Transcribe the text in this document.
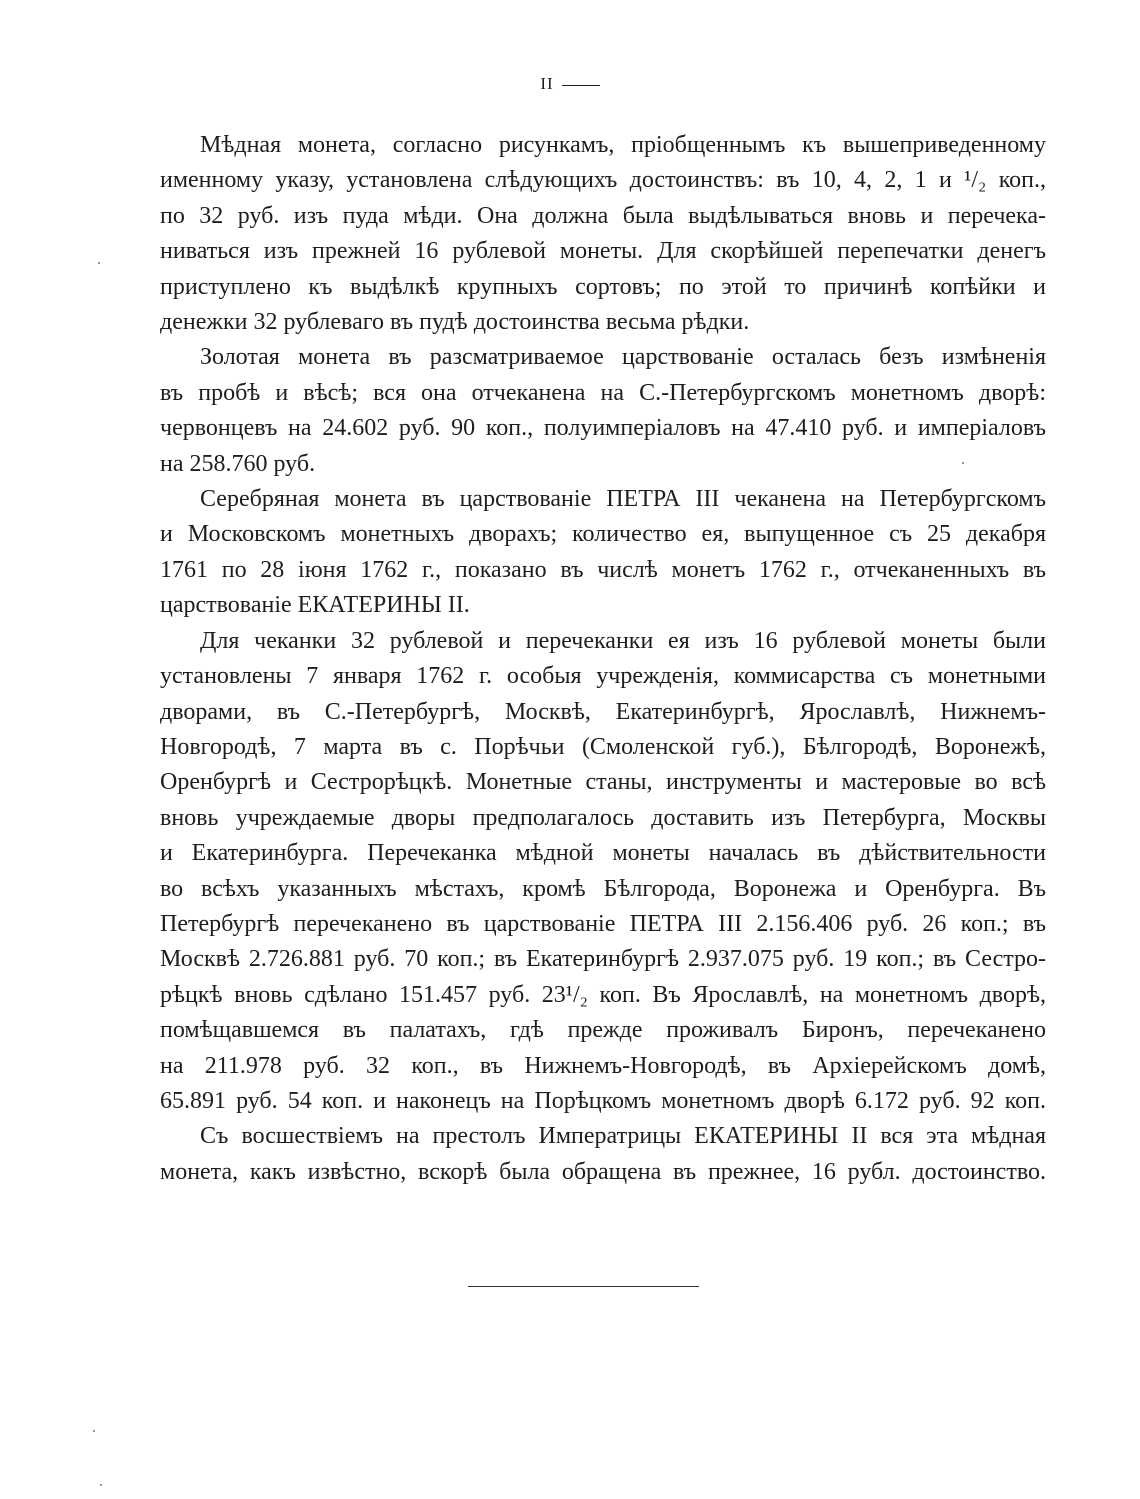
II

Мѣдная монета, согласно рисункамъ, пріобщеннымъ къ вышеприведенному
именному указу, установлена слѣдующихъ достоинствъ: въ 10, 4, 2, 1 и ¹/₂ коп.,
по 32 руб. изъ пуда мѣди. Она должна была выдѣлываться вновь и перечека-
ниваться изъ прежней 16 рублевой монеты. Для скорѣйшей перепечатки денегъ
приступлено къ выдѣлкѣ крупныхъ сортовъ; по этой то причинѣ копѣйки и
денежки 32 рублеваго въ пудѣ достоинства весьма рѣдки.

Золотая монета въ разсматриваемое царствованіе осталась безъ измѣненія
въ пробѣ и вѣсѣ; вся она отчеканена на С.-Петербургскомъ монетномъ дворѣ:
червонцевъ на 24.602 руб. 90 коп., полуимперіаловъ на 47.410 руб. и имперіаловъ
на 258.760 руб.

Серебряная монета въ царствованіе ПЕТРА III чеканена на Петербургскомъ
и Московскомъ монетныхъ дворахъ; количество ея, выпущенное съ 25 декабря
1761 по 28 іюня 1762 г., показано въ числѣ монетъ 1762 г., отчеканенныхъ въ
царствованіе ЕКАТЕРИНЫ II.

Для чеканки 32 рублевой и перечеканки ея изъ 16 рублевой монеты были
установлены 7 января 1762 г. особыя учрежденія, коммисарства съ монетными
дворами, въ С.-Петербургѣ, Москвѣ, Екатеринбургѣ, Ярославлѣ, Нижнемъ-
Новгородѣ, 7 марта въ с. Порѣчьи (Смоленской губ.), Бѣлгородѣ, Воронежѣ,
Оренбургѣ и Сестрорѣцкѣ. Монетные станы, инструменты и мастеровые во всѣ
вновь учреждаемые дворы предполагалось доставить изъ Петербурга, Москвы
и Екатеринбурга. Перечеканка мѣдной монеты началась въ дѣйствительности
во всѣхъ указанныхъ мѣстахъ, кромѣ Бѣлгорода, Воронежа и Оренбурга. Въ
Петербургѣ перечеканено въ царствованіе ПЕТРА III 2.156.406 руб. 26 коп.; въ
Москвѣ 2.726.881 руб. 70 коп.; въ Екатеринбургѣ 2.937.075 руб. 19 коп.; въ Сестро-
рѣцкѣ вновь сдѣлано 151.457 руб. 23¹/₂ коп. Въ Ярославлѣ, на монетномъ дворѣ,
помѣщавшемся въ палатахъ, гдѣ прежде проживалъ Биронъ, перечеканено
на 211.978 руб. 32 коп., въ Нижнемъ-Новгородѣ, въ Архіерейскомъ домѣ,
65.891 руб. 54 коп. и наконецъ на Порѣцкомъ монетномъ дворѣ 6.172 руб. 92 коп.

Съ восшествіемъ на престолъ Императрицы ЕКАТЕРИНЫ II вся эта мѣдная
монета, какъ извѣстно, вскорѣ была обращена въ прежнее, 16 рубл. достоинство.
